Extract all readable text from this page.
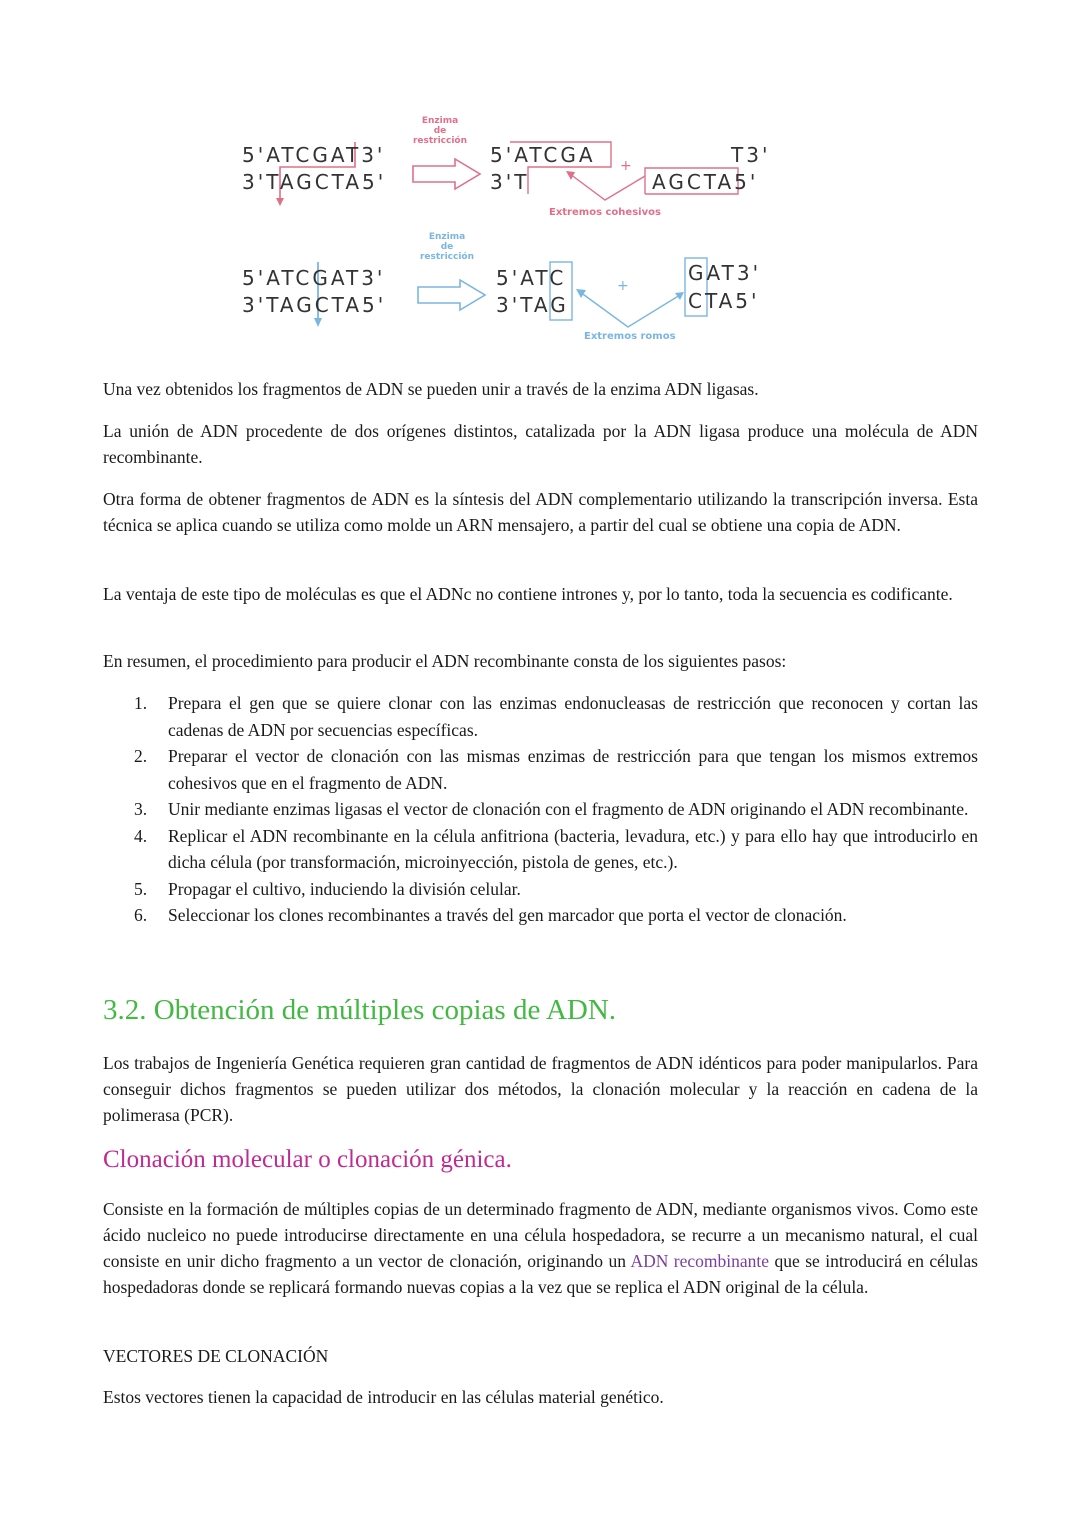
Enzima
de
restricción
5'ATCGAT3'
3'TAGCTA5'
5'ATCGA
3'T
T3'
AGCTA5'
+
Extremos cohesivos
Enzima
de
restricción
5'ATCGAT3'
3'TAGCTA5'
5'ATC
3'TAG
GAT3'
CTA5'
+
Extremos romos

Una vez obtenidos los fragmentos de ADN se pueden unir a través de la enzima ADN ligasas.

La unión de ADN procedente de dos orígenes distintos, catalizada por la ADN ligasa produce una molécula de ADN recombinante.

Otra forma de obtener fragmentos de ADN es la síntesis del ADN complementario utilizando la transcripción inversa. Esta técnica se aplica cuando se utiliza como molde un ARN mensajero, a partir del cual se obtiene una copia de ADN.

La ventaja de este tipo de moléculas es que el ADNc no contiene intrones y, por lo tanto, toda la secuencia es codificante.

En resumen, el procedimiento para producir el ADN recombinante consta de los siguientes pasos:

1. Prepara el gen que se quiere clonar con las enzimas endonucleasas de restricción que reconocen y cortan las cadenas de ADN por secuencias específicas.
2. Preparar el vector de clonación con las mismas enzimas de restricción para que tengan los mismos extremos cohesivos que en el fragmento de ADN.
3. Unir mediante enzimas ligasas el vector de clonación con el fragmento de ADN originando el ADN recombinante.
4. Replicar el ADN recombinante en la célula anfitriona (bacteria, levadura, etc.) y para ello hay que introducirlo en dicha célula (por transformación, microinyección, pistola de genes, etc.).
5. Propagar el cultivo, induciendo la división celular.
6. Seleccionar los clones recombinantes a través del gen marcador que porta el vector de clonación.
3.2. Obtención de múltiples copias de ADN.

Los trabajos de Ingeniería Genética requieren gran cantidad de fragmentos de ADN idénticos para poder manipularlos. Para conseguir dichos fragmentos se pueden utilizar dos métodos, la clonación molecular y la reacción en cadena de la polimerasa (PCR).

Clonación molecular o clonación génica.

Consiste en la formación de múltiples copias de un determinado fragmento de ADN, mediante organismos vivos. Como este ácido nucleico no puede introducirse directamente en una célula hospedadora, se recurre a un mecanismo natural, el cual consiste en unir dicho fragmento a un vector de clonación, originando un ADN recombinante que se introducirá en células hospedadoras donde se replicará formando nuevas copias a la vez que se replica el ADN original de la célula.

VECTORES DE CLONACIÓN

Estos vectores tienen la capacidad de introducir en las células material genético.
